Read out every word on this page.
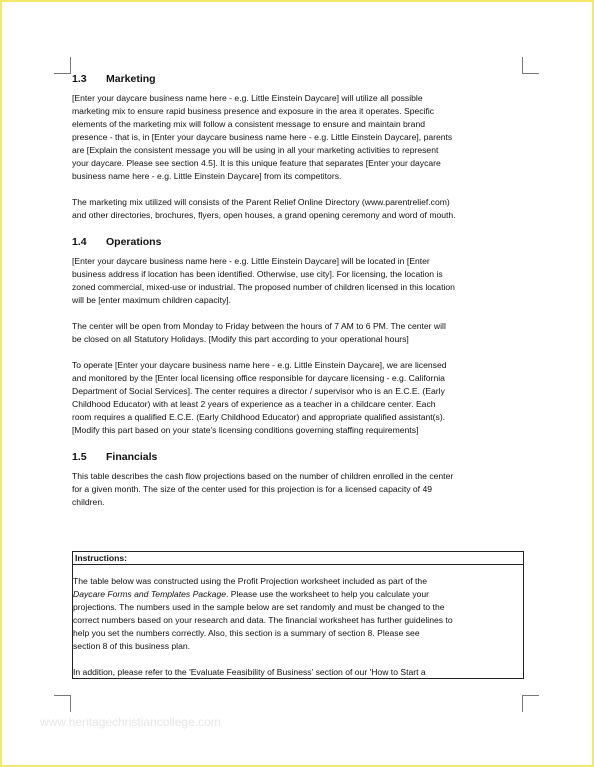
1.3	Marketing

[Enter your daycare business name here - e.g. Little Einstein Daycare] will utilize all possible
marketing mix to ensure rapid business presence and exposure in the area it operates. Specific
elements of the marketing mix will follow a consistent message to ensure and maintain brand
presence - that is, in [Enter your daycare business name here - e.g. Little Einstein Daycare], parents
are [Explain the consistent message you will be using in all your marketing activities to represent
your daycare. Please see section 4.5]. It is this unique feature that separates [Enter your daycare
business name here - e.g. Little Einstein Daycare] from its competitors.

The marketing mix utilized will consists of the Parent Relief Online Directory (www.parentrelief.com)
and other directories, brochures, flyers, open houses, a grand opening ceremony and word of mouth.

1.4	Operations

[Enter your daycare business name here - e.g. Little Einstein Daycare] will be located in [Enter
business address if location has been identified. Otherwise, use city]. For licensing, the location is
zoned commercial, mixed-use or industrial. The proposed number of children licensed in this location
will be [enter maximum children capacity].

The center will be open from Monday to Friday between the hours of 7 AM to 6 PM. The center will
be closed on all Statutory Holidays. [Modify this part according to your operational hours]

To operate [Enter your daycare business name here - e.g. Little Einstein Daycare], we are licensed
and monitored by the [Enter local licensing office responsible for daycare licensing - e.g. California
Department of Social Services]. The center requires a director / supervisor who is an E.C.E. (Early
Childhood Educator) with at least 2 years of experience as a teacher in a childcare center. Each
room requires a qualified E.C.E. (Early Childhood Educator) and appropriate qualified assistant(s).
[Modify this part based on your state's licensing conditions governing staffing requirements]

1.5	Financials

This table describes the cash flow projections based on the number of children enrolled in the center
for a given month. The size of the center used for this projection is for a licensed capacity of 49
children.

Instructions:

The table below was constructed using the Profit Projection worksheet included as part of the
Daycare Forms and Templates Package. Please use the worksheet to help you calculate your
projections. The numbers used in the sample below are set randomly and must be changed to the
correct numbers based on your research and data. The financial worksheet has further guidelines to
help you set the numbers correctly. Also, this section is a summary of section 8. Please see
section 8 of this business plan.

In addition, please refer to the 'Evaluate Feasibility of Business' section of our 'How to Start a

www.heritagechristiancollege.com
